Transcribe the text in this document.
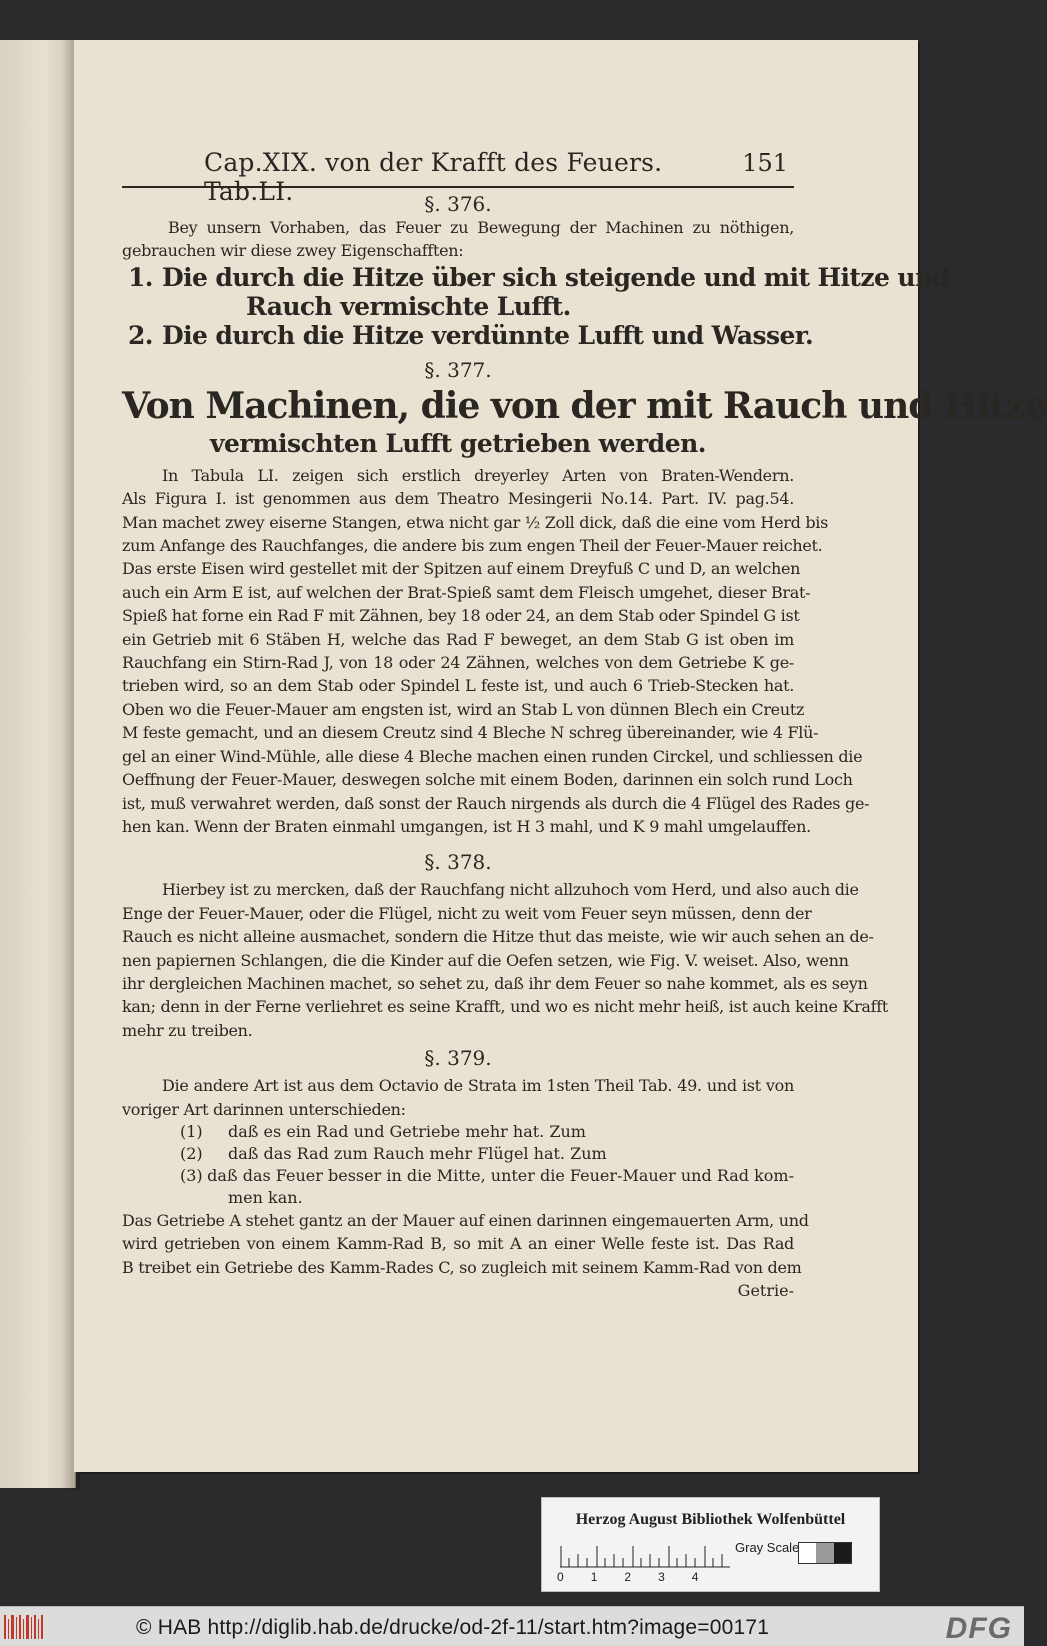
Cap.XIX. von der Krafft des Feuers. Tab.LI.
151
§. 376.
Bey unsern Vorhaben, das Feuer zu Bewegung der Machinen zu nöthigen,
gebrauchen wir diese zwey Eigenschafften:
1. Die durch die Hitze über sich steigende und mit Hitze und
Rauch vermischte Lufft.
2. Die durch die Hitze verdünnte Lufft und Wasser.
§. 377.
Von Machinen, die von der mit Rauch und Hitze
vermischten Lufft getrieben werden.
In Tabula LI. zeigen sich erstlich dreyerley Arten von Braten-Wendern.
Als Figura I. ist genommen aus dem Theatro Mesingerii No.14. Part. IV. pag.54.
Man machet zwey eiserne Stangen, etwa nicht gar ½ Zoll dick, daß die eine vom Herd bis
zum Anfange des Rauchfanges, die andere bis zum engen Theil der Feuer-Mauer reichet.
Das erste Eisen wird gestellet mit der Spitzen auf einem Dreyfuß C und D, an welchen
auch ein Arm E ist, auf welchen der Brat-Spieß samt dem Fleisch umgehet, dieser Brat-
Spieß hat forne ein Rad F mit Zähnen, bey 18 oder 24, an dem Stab oder Spindel G ist
ein Getrieb mit 6 Stäben H, welche das Rad F beweget, an dem Stab G ist oben im
Rauchfang ein Stirn-Rad J, von 18 oder 24 Zähnen, welches von dem Getriebe K ge-
trieben wird, so an dem Stab oder Spindel L feste ist, und auch 6 Trieb-Stecken hat.
Oben wo die Feuer-Mauer am engsten ist, wird an Stab L von dünnen Blech ein Creutz
M feste gemacht, und an diesem Creutz sind 4 Bleche N schreg übereinander, wie 4 Flü-
gel an einer Wind-Mühle, alle diese 4 Bleche machen einen runden Circkel, und schliessen die
Oeffnung der Feuer-Mauer, deswegen solche mit einem Boden, darinnen ein solch rund Loch
ist, muß verwahret werden, daß sonst der Rauch nirgends als durch die 4 Flügel des Rades ge-
hen kan. Wenn der Braten einmahl umgangen, ist H 3 mahl, und K 9 mahl umgelauffen.
§. 378.
Hierbey ist zu mercken, daß der Rauchfang nicht allzuhoch vom Herd, und also auch die
Enge der Feuer-Mauer, oder die Flügel, nicht zu weit vom Feuer seyn müssen, denn der
Rauch es nicht alleine ausmachet, sondern die Hitze thut das meiste, wie wir auch sehen an de-
nen papiernen Schlangen, die die Kinder auf die Oefen setzen, wie Fig. V. weiset. Also, wenn
ihr dergleichen Machinen machet, so sehet zu, daß ihr dem Feuer so nahe kommet, als es seyn
kan; denn in der Ferne verliehret es seine Krafft, und wo es nicht mehr heiß, ist auch keine Krafft
mehr zu treiben.
§. 379.
Die andere Art ist aus dem Octavio de Strata im 1sten Theil Tab. 49. und ist von
voriger Art darinnen unterschieden:
(1)	daß es ein Rad und Getriebe mehr hat. Zum
(2)	daß das Rad zum Rauch mehr Flügel hat. Zum
(3) daß das Feuer besser in die Mitte, unter die Feuer-Mauer und Rad kom-
men kan.
Das Getriebe A stehet gantz an der Mauer auf einen darinnen eingemauerten Arm, und
wird getrieben von einem Kamm-Rad B, so mit A an einer Welle feste ist. Das Rad
B treibet ein Getriebe des Kamm-Rades C, so zugleich mit seinem Kamm-Rad von dem
Getrie-
Herzog August Bibliothek Wolfenbüttel
0 1 2 3 4
Gray Scale
© HAB http://diglib.hab.de/drucke/od-2f-11/start.htm?image=00171	DFG
